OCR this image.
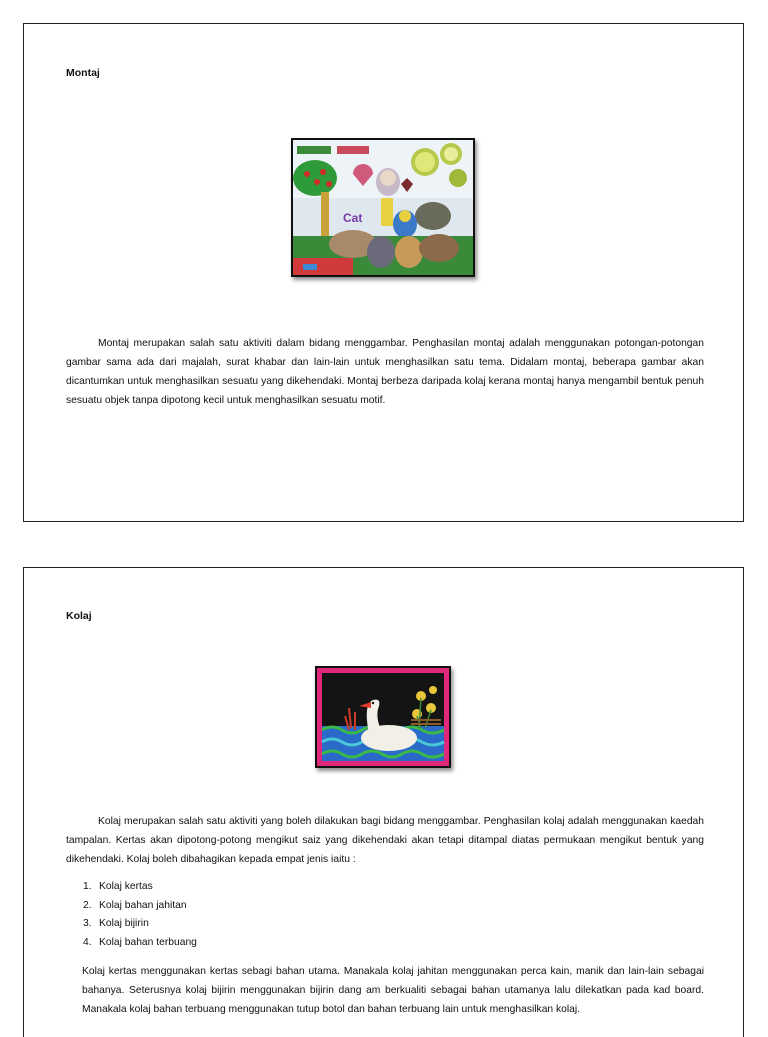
Montaj
Cat

Montaj merupakan salah satu aktiviti dalam bidang menggambar. Penghasilan montaj adalah menggunakan potongan-potongan gambar sama ada dari majalah, surat khabar dan lain-lain untuk menghasilkan satu tema. Didalam montaj, beberapa gambar akan dicantumkan untuk menghasilkan sesuatu yang dikehendaki. Montaj berbeza daripada kolaj kerana montaj hanya mengambil bentuk penuh sesuatu objek tanpa dipotong kecil untuk menghasilkan sesuatu motif.

Kolaj

Kolaj merupakan salah satu aktiviti yang boleh dilakukan bagi bidang menggambar. Penghasilan kolaj adalah menggunakan kaedah tampalan. Kertas akan dipotong-potong mengikut saiz yang dikehendaki akan tetapi ditampal diatas permukaan mengikut bentuk yang dikehendaki. Kolaj boleh dibahagikan kepada empat jenis iaitu :

1. Kolaj kertas
2. Kolaj bahan jahitan
3. Kolaj bijirin
4. Kolaj bahan terbuang

Kolaj kertas menggunakan kertas sebagi bahan utama. Manakala kolaj jahitan menggunakan perca kain, manik dan lain-lain sebagai bahanya. Seterusnya kolaj bijirin menggunakan bijirin dang am berkualiti sebagai bahan utamanya lalu dilekatkan pada kad board. Manakala kolaj bahan terbuang menggunakan tutup botol dan bahan terbuang lain untuk menghasilkan kolaj.
